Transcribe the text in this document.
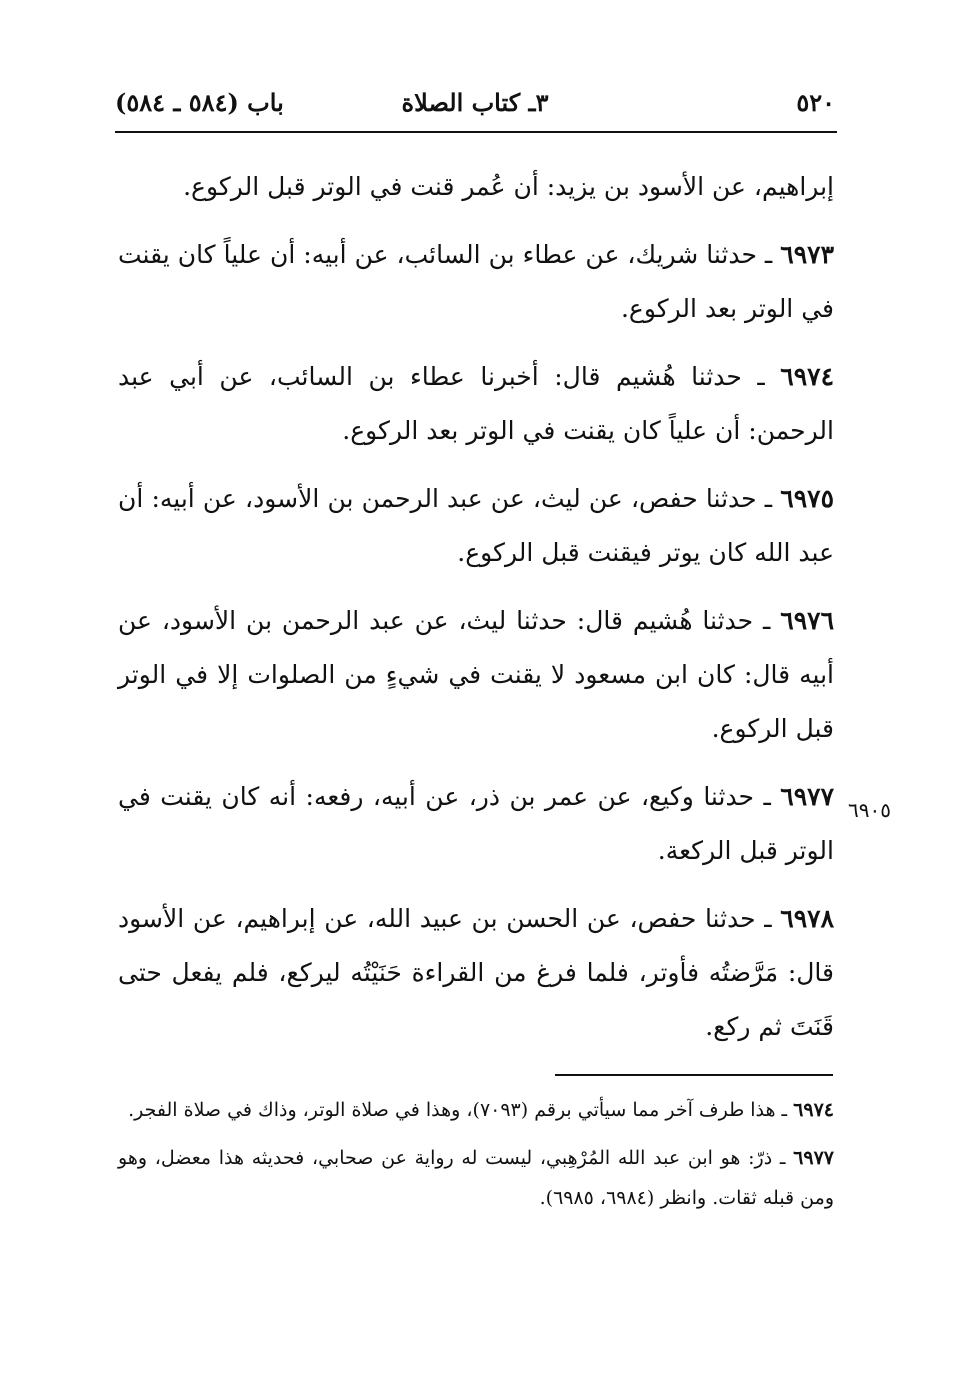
٥٢٠
٣ـ كتاب الصلاة
باب (٥٨٤ ـ ٥٨٤)

إبراهيم، عن الأسود بن يزيد: أن عُمر قنت في الوتر قبل الركوع.

٦٩٧٣ ـ حدثنا شريك، عن عطاء بن السائب، عن أبيه: أن علياً كان يقنت في الوتر بعد الركوع.

٦٩٧٤ ـ حدثنا هُشيم قال: أخبرنا عطاء بن السائب، عن أبي عبد الرحمن: أن علياً كان يقنت في الوتر بعد الركوع.

٦٩٧٥ ـ حدثنا حفص، عن ليث، عن عبد الرحمن بن الأسود، عن أبيه: أن عبد الله كان يوتر فيقنت قبل الركوع.

٦٩٧٦ ـ حدثنا هُشيم قال: حدثنا ليث، عن عبد الرحمن بن الأسود، عن أبيه قال: كان ابن مسعود لا يقنت في شيءٍ من الصلوات إلا في الوتر قبل الركوع.

٦٩٧٧ ـ حدثنا وكيع، عن عمر بن ذر، عن أبيه، رفعه: أنه كان يقنت في الوتر قبل الركعة.

٦٩٧٨ ـ حدثنا حفص، عن الحسن بن عبيد الله، عن إبراهيم، عن الأسود قال: مَرَّضتُه فأوتر، فلما فرغ من القراءة حَنَيْتُه ليركع، فلم يفعل حتى قَنَتَ ثم ركع.

٦٩٠٥

٦٩٧٤ ـ هذا طرف آخر مما سيأتي برقم (٧٠٩٣)، وهذا في صلاة الوتر، وذاك في صلاة الفجر.

٦٩٧٧ ـ ذرّ: هو ابن عبد الله المُرْهِبي، ليست له رواية عن صحابي، فحديثه هذا معضل، وهو ومن قبله ثقات. وانظر (٦٩٨٤، ٦٩٨٥).
